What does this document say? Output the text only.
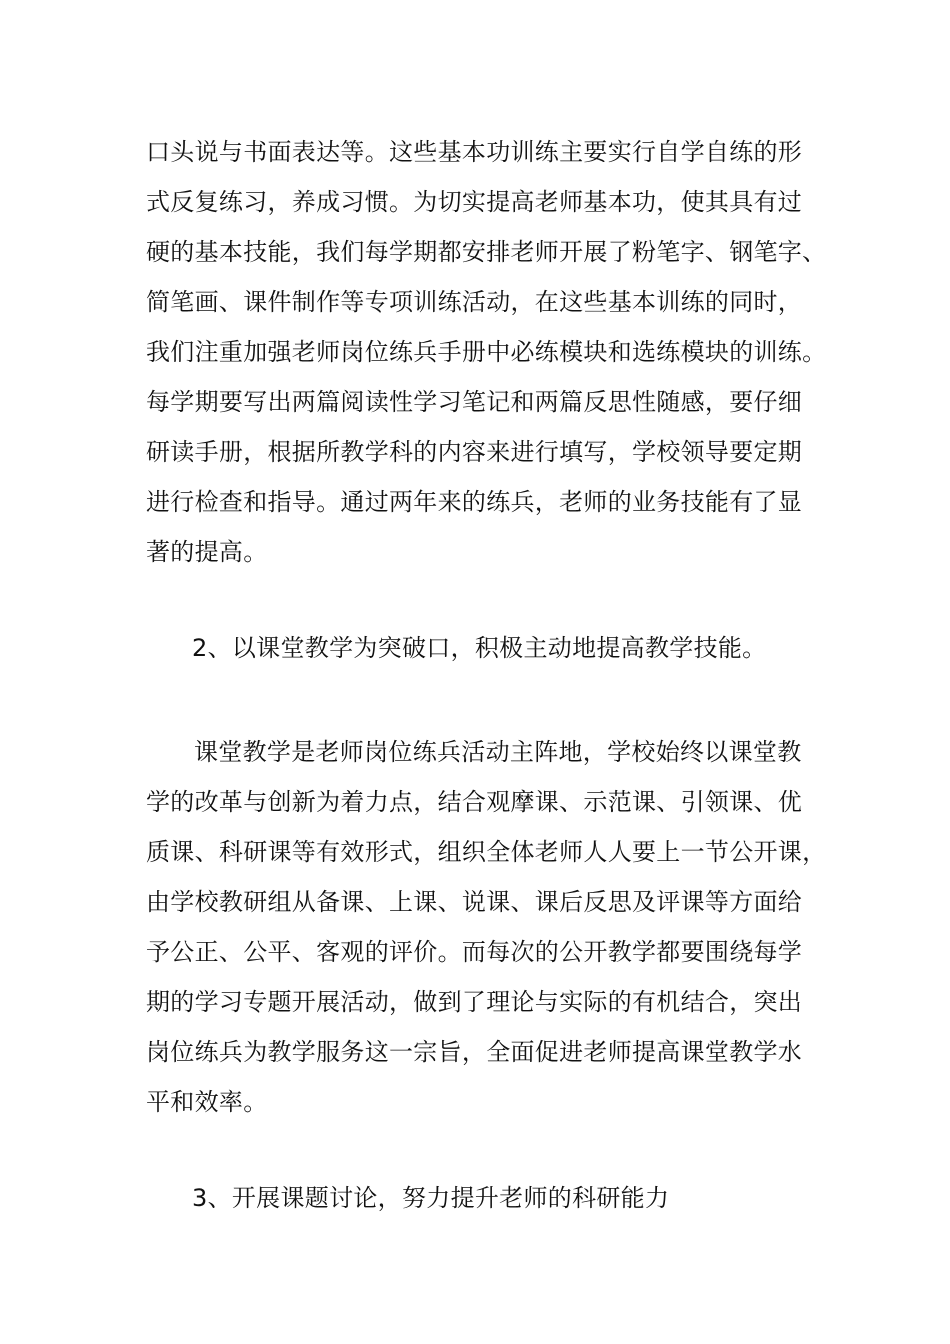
口头说与书面表达等。这些基本功训练主要实行自学自练的形
式反复练习，养成习惯。为切实提高老师基本功，使其具有过
硬的基本技能，我们每学期都安排老师开展了粉笔字、钢笔字、
简笔画、课件制作等专项训练活动，在这些基本训练的同时，
我们注重加强老师岗位练兵手册中必练模块和选练模块的训练。
每学期要写出两篇阅读性学习笔记和两篇反思性随感，要仔细
研读手册，根据所教学科的内容来进行填写，学校领导要定期
进行检查和指导。通过两年来的练兵，老师的业务技能有了显
著的提高。
2、以课堂教学为突破口，积极主动地提高教学技能。
课堂教学是老师岗位练兵活动主阵地，学校始终以课堂教
学的改革与创新为着力点，结合观摩课、示范课、引领课、优
质课、科研课等有效形式，组织全体老师人人要上一节公开课，
由学校教研组从备课、上课、说课、课后反思及评课等方面给
予公正、公平、客观的评价。而每次的公开教学都要围绕每学
期的学习专题开展活动，做到了理论与实际的有机结合，突出
岗位练兵为教学服务这一宗旨，全面促进老师提高课堂教学水
平和效率。
3、开展课题讨论，努力提升老师的科研能力
